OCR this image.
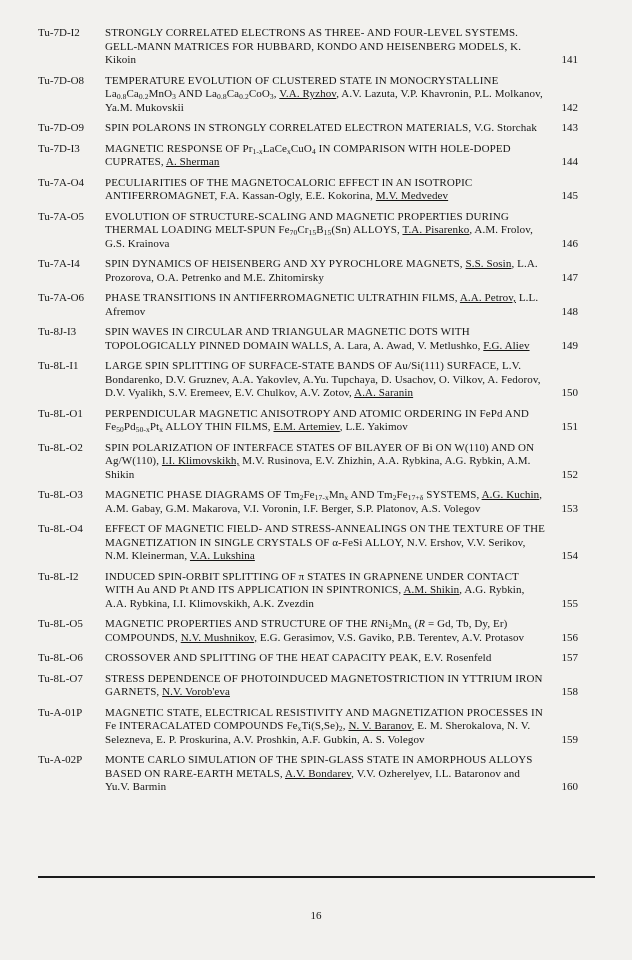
Tu-7D-I2	STRONGLY CORRELATED ELECTRONS AS THREE- AND FOUR-LEVEL SYSTEMS. GELL-MANN MATRICES FOR HUBBARD, KONDO AND HEISENBERG MODELS, K. Kikoin	141
Tu-7D-O8	TEMPERATURE EVOLUTION OF CLUSTERED STATE IN MONOCRYSTALLINE $La_{0.8}Ca_{0.2}MnO_3$ AND $La_{0.8}Ca_{0.2}CoO_3$, V.A. Ryzhov, A.V. Lazuta, V.P. Khavronin, P.L. Molkanov, Ya.M. Mukovskii	142
Tu-7D-O9	SPIN POLARONS IN STRONGLY CORRELATED ELECTRON MATERIALS, V.G. Storchak	143
Tu-7D-I3	MAGNETIC RESPONSE OF $Pr_{1-x}LaCe_xCuO_4$ IN COMPARISON WITH HOLE-DOPED CUPRATES, A. Sherman	144
Tu-7A-O4	PECULIARITIES OF THE MAGNETOCALORIC EFFECT IN AN ISOTROPIC ANTIFERROMAGNET, F.A. Kassan-Ogly, E.E. Kokorina, M.V. Medvedev	145
Tu-7A-O5	EVOLUTION OF STRUCTURE-SCALING AND MAGNETIC PROPERTIES DURING THERMAL LOADING MELT-SPUN $Fe_{70}Cr_{15}B_{15}(Sn)$ ALLOYS, T.A. Pisarenko, A.M. Frolov, G.S. Krainova	146
Tu-7A-I4	SPIN DYNAMICS OF HEISENBERG AND XY PYROCHLORE MAGNETS, S.S. Sosin, L.A. Prozorova, O.A. Petrenko and M.E. Zhitomirsky	147
Tu-7A-O6	PHASE TRANSITIONS IN ANTIFERROMAGNETIC ULTRATHIN FILMS, A.A. Petrov, L.L. Afremov	148
Tu-8J-I3	SPIN WAVES IN CIRCULAR AND TRIANGULAR MAGNETIC DOTS WITH TOPOLOGICALLY PINNED DOMAIN WALLS, A. Lara, A. Awad, V. Metlushko, F.G. Aliev	149
Tu-8L-I1	LARGE SPIN SPLITTING OF SURFACE-STATE BANDS OF Au/Si(111) SURFACE, L.V. Bondarenko, D.V. Gruznev, A.A. Yakovlev, A.Yu. Tupchaya, D. Usachov, O. Vilkov, A. Fedorov, D.V. Vyalikh, S.V. Eremeev, E.V. Chulkov, A.V. Zotov, A.A. Saranin	150
Tu-8L-O1	PERPENDICULAR MAGNETIC ANISOTROPY AND ATOMIC ORDERING IN FePd AND $Fe_{50}Pd_{50-x}Pt_x$ ALLOY THIN FILMS, E.M. Artemiev, L.E. Yakimov	151
Tu-8L-O2	SPIN POLARIZATION OF INTERFACE STATES OF BILAYER OF Bi ON W(110) AND ON Ag/W(110), I.I. Klimovskikh, M.V. Rusinova, E.V. Zhizhin, A.A. Rybkina, A.G. Rybkin, A.M. Shikin	152
Tu-8L-O3	MAGNETIC PHASE DIAGRAMS OF $Tm_2Fe_{17-x}Mn_x$ AND $Tm_2Fe_{17+\delta}$ SYSTEMS, A.G. Kuchin, A.M. Gabay, G.M. Makarova, V.I. Voronin, I.F. Berger, S.P. Platonov, A.S. Volegov	153
Tu-8L-O4	EFFECT OF MAGNETIC FIELD- AND STRESS-ANNEALINGS ON THE TEXTURE OF THE MAGNETIZATION IN SINGLE CRYSTALS OF α-FeSi ALLOY, N.V. Ershov, V.V. Serikov, N.M. Kleinerman, V.A. Lukshina	154
Tu-8L-I2	INDUCED SPIN-ORBIT SPLITTING OF π STATES IN GRAPNENE UNDER CONTACT WITH Au AND Pt AND ITS APPLICATION IN SPINTRONICS, A.M. Shikin, A.G. Rybkin, A.A. Rybkina, I.I. Klimovskikh, A.K. Zvezdin	155
Tu-8L-O5	MAGNETIC PROPERTIES AND STRUCTURE OF THE $RNi_2Mn_x$ (R = Gd, Tb, Dy, Er) COMPOUNDS, N.V. Mushnikov, E.G. Gerasimov, V.S. Gaviko, P.B. Terentev, A.V. Protasov	156
Tu-8L-O6	CROSSOVER AND SPLITTING OF THE HEAT CAPACITY PEAK, E.V. Rosenfeld	157
Tu-8L-O7	STRESS DEPENDENCE OF PHOTOINDUCED MAGNETOSTRICTION IN YTTRIUM IRON GARNETS, N.V. Vorob'eva	158
Tu-A-01P	MAGNETIC STATE, ELECTRICAL RESISTIVITY AND MAGNETIZATION PROCESSES IN Fe INTERACALATED COMPOUNDS $Fe_xTi(S,Se)_2$, N. V. Baranov, E. M. Sherokalova, N. V. Selezneva, E. P. Proskurina, A.V. Proshkin, A.F. Gubkin, A. S. Volegov	159
Tu-A-02P	MONTE CARLO SIMULATION OF THE SPIN-GLASS STATE IN AMORPHOUS ALLOYS BASED ON RARE-EARTH METALS, A.V. Bondarev, V.V. Ozherelyev, I.L. Bataronov and Yu.V. Barmin	160
16
